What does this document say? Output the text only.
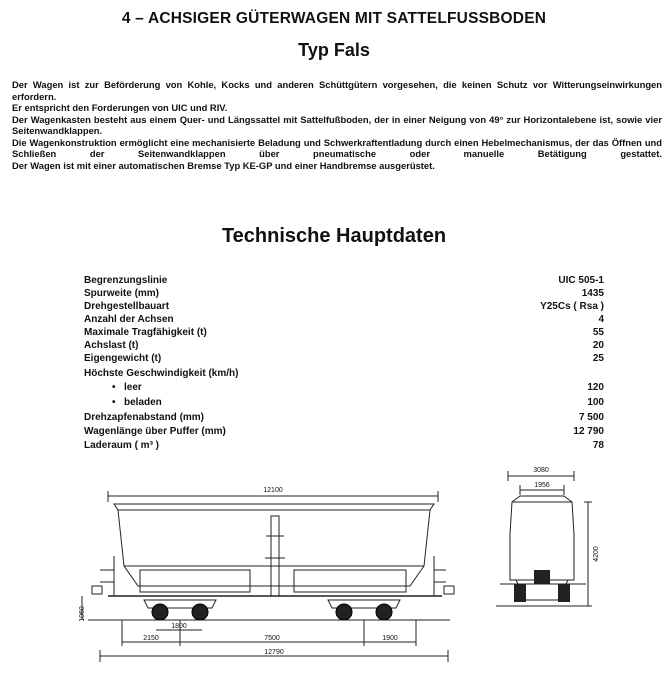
4 – ACHSIGER GÜTERWAGEN MIT SATTELFUSSBODEN
Typ Fals

Der Wagen ist zur Beförderung von Kohle, Kocks und anderen Schüttgütern vorgesehen, die keinen Schutz vor Witterungseinwirkungen erfordern.

Er entspricht den Forderungen von UIC und RIV.

Der Wagenkasten besteht aus einem Quer- und Längssattel mit Sattelfußboden, der in einer Neigung von 49° zur Horizontalebene ist, sowie vier Seitenwandklappen.

Die Wagenkonstruktion ermöglicht eine mechanisierte Beladung und Schwerkraftentladung durch einen Hebelmechanismus, der das Öffnen und Schließen der Seitenwandklappen über pneumatische oder manuelle Betätigung gestattet.

Der Wagen ist mit einer automatischen Bremse Typ KE-GP und einer Handbremse ausgerüstet.

Technische Hauptdaten
Begrenzungslinie	UIC 505-1
Spurweite (mm)	1435
Drehgestellbauart	Y25Cs ( Rsa )
Anzahl der Achsen	4
Maximale Tragfähigkeit (t)	55
Achslast (t)	20
Eigengewicht (t)	25
Höchste Geschwindigkeit (km/h)
• leer	120
• beladen	100
Drehzapfenabstand (mm)	7 500
Wagenlänge über Puffer (mm)	12 790
Laderaum ( m³ )	78
12100
1800
2150	7500	1900
12790
1060
3080
1956
4200
